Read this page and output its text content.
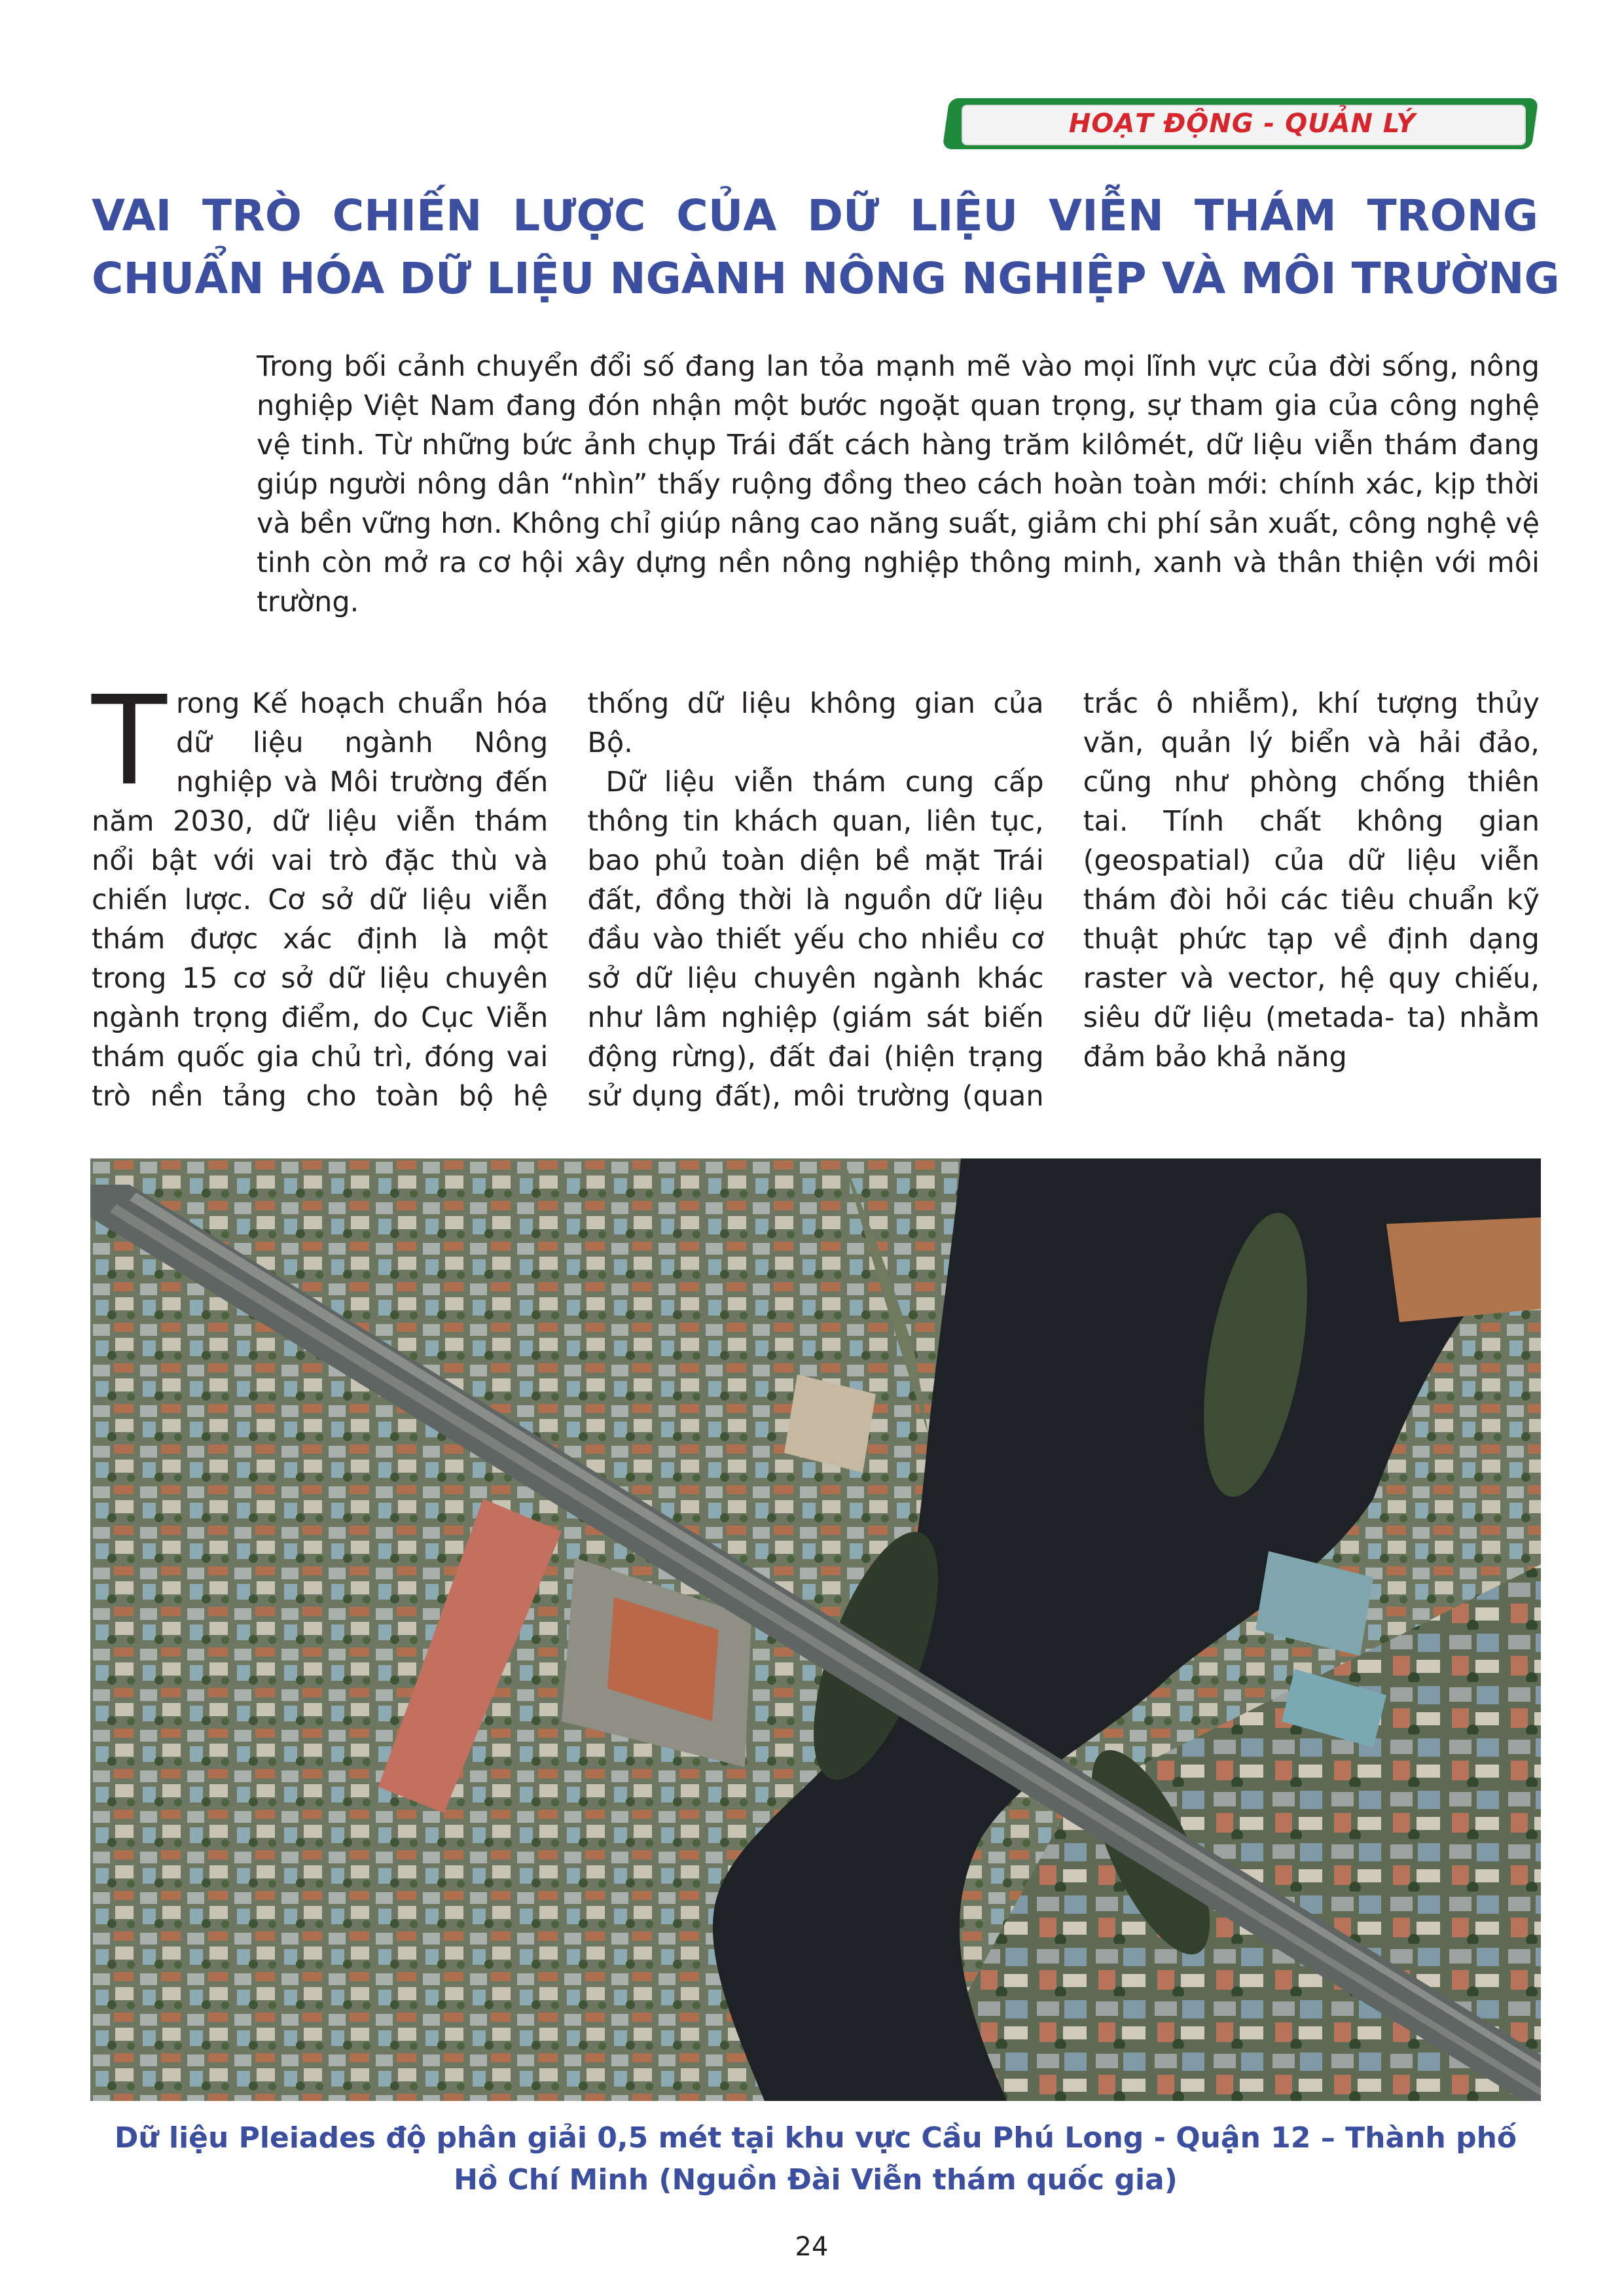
HOẠT ĐỘNG - QUẢN LÝ
VAI TRÒ CHIẾN LƯỢC CỦA DỮ LIỆU VIỄN THÁM TRONG
CHUẨN HÓA DỮ LIỆU NGÀNH NÔNG NGHIỆP VÀ MÔI TRƯỜNG

Trong bối cảnh chuyển đổi số đang lan tỏa mạnh mẽ vào mọi lĩnh vực của đời sống, nông nghiệp Việt Nam đang đón nhận một bước ngoặt quan trọng, sự tham gia của công nghệ vệ tinh. Từ những bức ảnh chụp Trái đất cách hàng trăm kilômét, dữ liệu viễn thám đang giúp người nông dân “nhìn” thấy ruộng đồng theo cách hoàn toàn mới: chính xác, kịp thời và bền vững hơn. Không chỉ giúp nâng cao năng suất, giảm chi phí sản xuất, công nghệ vệ tinh còn mở ra cơ hội xây dựng nền nông nghiệp thông minh, xanh và thân thiện với môi trường.

Trong Kế hoạch chuẩn hóa dữ liệu ngành Nông nghiệp và Môi trường đến năm 2030, dữ liệu viễn thám nổi bật với vai trò đặc thù và chiến lược. Cơ sở dữ liệu viễn thám được xác định là một trong 15 cơ sở dữ liệu chuyên ngành trọng điểm, do Cục Viễn thám quốc gia chủ trì, đóng vai trò nền tảng cho toàn bộ hệ thống dữ liệu không gian của Bộ.

Dữ liệu viễn thám cung cấp thông tin khách quan, liên tục, bao phủ toàn diện bề mặt Trái đất, đồng thời là nguồn dữ liệu đầu vào thiết yếu cho nhiều cơ sở dữ liệu chuyên ngành khác như lâm nghiệp (giám sát biến động rừng), đất đai (hiện trạng sử dụng đất), môi trường (quan trắc ô nhiễm), khí tượng thủy văn, quản lý biển và hải đảo, cũng như phòng chống thiên tai. Tính chất không gian (geospatial) của dữ liệu viễn thám đòi hỏi các tiêu chuẩn kỹ thuật phức tạp về định dạng raster và vector, hệ quy chiếu, siêu dữ liệu (metada- ta) nhằm đảm bảo khả năng

Dữ liệu Pleiades độ phân giải 0,5 mét tại khu vực Cầu Phú Long - Quận 12 – Thành phố Hồ Chí Minh (Nguồn Đài Viễn thám quốc gia)

24
